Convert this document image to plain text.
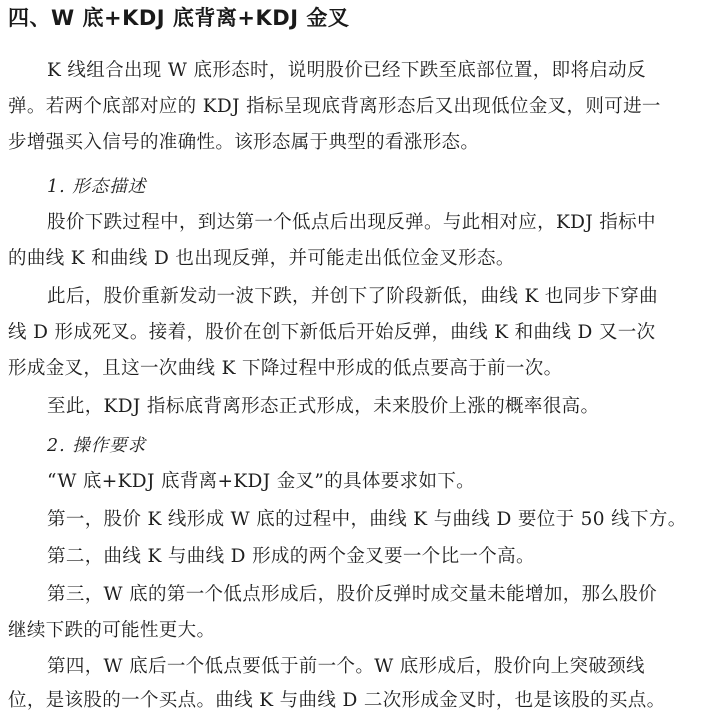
四、W 底+KDJ 底背离+KDJ 金叉
K 线组合出现 W 底形态时，说明股价已经下跌至底部位置，即将启动反
弹。若两个底部对应的 KDJ 指标呈现底背离形态后又出现低位金叉，则可进一
步增强买入信号的准确性。该形态属于典型的看涨形态。
1. 形态描述
股价下跌过程中，到达第一个低点后出现反弹。与此相对应，KDJ 指标中
的曲线 K 和曲线 D 也出现反弹，并可能走出低位金叉形态。
此后，股价重新发动一波下跌，并创下了阶段新低，曲线 K 也同步下穿曲
线 D 形成死叉。接着，股价在创下新低后开始反弹，曲线 K 和曲线 D 又一次
形成金叉，且这一次曲线 K 下降过程中形成的低点要高于前一次。
至此，KDJ 指标底背离形态正式形成，未来股价上涨的概率很高。
2. 操作要求
“W 底+KDJ 底背离+KDJ 金叉”的具体要求如下。
第一，股价 K 线形成 W 底的过程中，曲线 K 与曲线 D 要位于 50 线下方。
第二，曲线 K 与曲线 D 形成的两个金叉要一个比一个高。
第三，W 底的第一个低点形成后，股价反弹时成交量未能增加，那么股价
继续下跌的可能性更大。
第四，W 底后一个低点要低于前一个。W 底形成后，股价向上突破颈线
位，是该股的一个买点。曲线 K 与曲线 D 二次形成金叉时，也是该股的买点。
